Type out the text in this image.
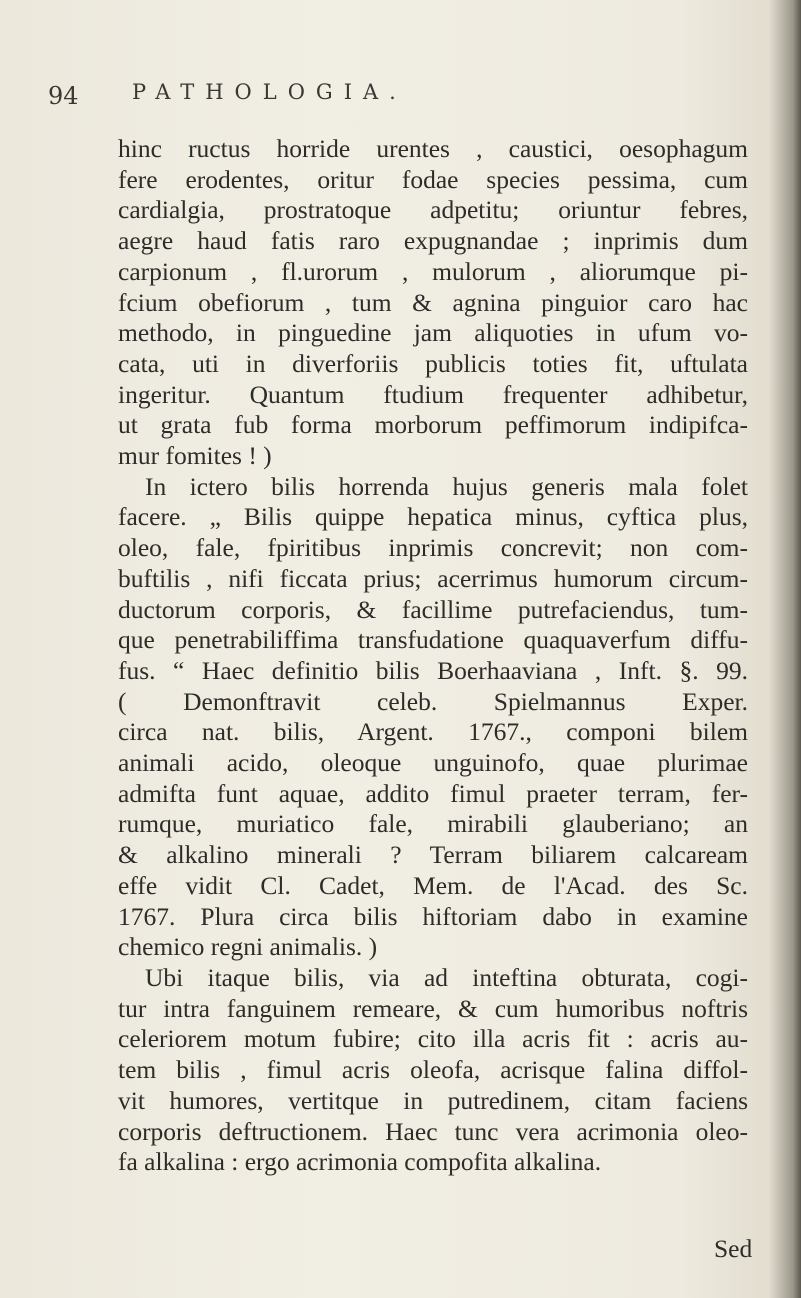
94	PATHOLOGIA.
hinc ructus horride urentes , caustici, oesophagum
fere erodentes, oritur fodae species pessima, cum
cardialgia, prostratoque adpetitu; oriuntur febres,
aegre haud fatis raro expugnandae ; inprimis dum
carpionum , fl.urorum , mulorum , aliorumque pi-
fcium obefiorum , tum & agnina pinguior caro hac
methodo, in pinguedine jam aliquoties in ufum vo-
cata, uti in diverforiis publicis toties fit, uftulata
ingeritur. Quantum ftudium frequenter adhibetur,
ut grata fub forma morborum peffimorum indipifca-
mur fomites ! )
In ictero bilis horrenda hujus generis mala folet
facere. „ Bilis quippe hepatica minus, cyftica plus,
oleo, fale, fpiritibus inprimis concrevit; non com-
buftilis , nifi ficcata prius; acerrimus humorum circum-
ductorum corporis, & facillime putrefaciendus, tum-
que penetrabiliffima transfudatione quaquaverfum diffu-
fus. “ Haec definitio bilis Boerhaaviana , Inft. §. 99.
( Demonftravit celeb. Spielmannus Exper.
circa nat. bilis, Argent. 1767., componi bilem
animali acido, oleoque unguinofo, quae plurimae
admifta funt aquae, addito fimul praeter terram, fer-
rumque, muriatico fale, mirabili glauberiano; an
& alkalino minerali ? Terram biliarem calcaream
effe vidit Cl. Cadet, Mem. de l'Acad. des Sc.
1767. Plura circa bilis hiftoriam dabo in examine
chemico regni animalis. )
Ubi itaque bilis, via ad inteftina obturata, cogi-
tur intra fanguinem remeare, & cum humoribus noftris
celeriorem motum fubire; cito illa acris fit : acris au-
tem bilis , fimul acris oleofa, acrisque falina diffol-
vit humores, vertitque in putredinem, citam faciens
corporis deftructionem. Haec tunc vera acrimonia oleo-
fa alkalina : ergo acrimonia compofita alkalina.
Sed
